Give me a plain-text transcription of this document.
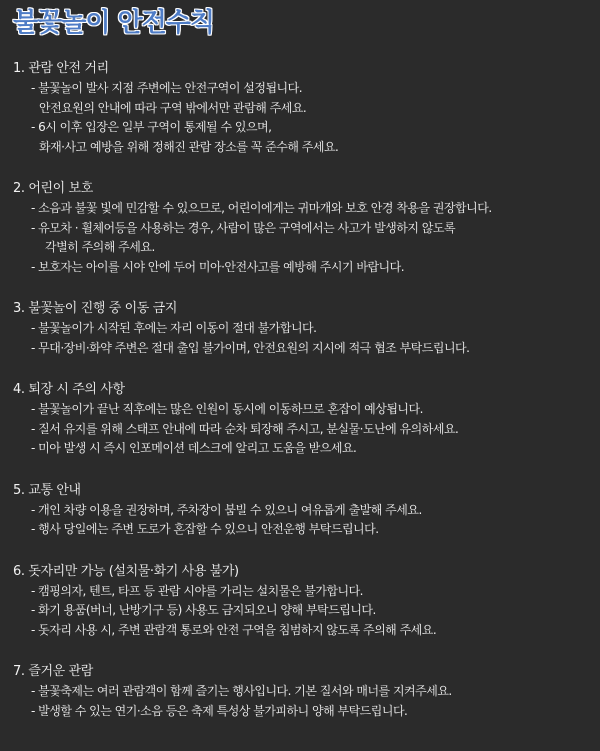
불꽃놀이 안전수칙
1. 관람 안전 거리
- 불꽃놀이 발사 지점 주변에는 안전구역이 설정됩니다.
안전요원의 안내에 따라 구역 밖에서만 관람해 주세요.
- 6시 이후 입장은 일부 구역이 통제될 수 있으며,
화재·사고 예방을 위해 정해진 관람 장소를 꼭 준수해 주세요.
2. 어린이 보호
- 소음과 불꽃 빛에 민감할 수 있으므로, 어린이에게는 귀마개와 보호 안경 착용을 권장합니다.
- 유모차 · 휠체어등을 사용하는 경우, 사람이 많은 구역에서는 사고가 발생하지 않도록
각별히 주의해 주세요.
- 보호자는 아이를 시야 안에 두어 미아·안전사고를 예방해 주시기 바랍니다.
3. 불꽃놀이 진행 중 이동 금지
- 불꽃놀이가 시작된 후에는 자리 이동이 절대 불가합니다.
- 무대·장비·화약 주변은 절대 출입 불가이며, 안전요원의 지시에 적극 협조 부탁드립니다.
4. 퇴장 시 주의 사항
- 불꽃놀이가 끝난 직후에는 많은 인원이 동시에 이동하므로 혼잡이 예상됩니다.
- 질서 유지를 위해 스태프 안내에 따라 순차 퇴장해 주시고, 분실물·도난에 유의하세요.
- 미아 발생 시 즉시 인포메이션 데스크에 알리고 도움을 받으세요.
5. 교통 안내
- 개인 차량 이용을 권장하며, 주차장이 붐빌 수 있으니 여유롭게 출발해 주세요.
- 행사 당일에는 주변 도로가 혼잡할 수 있으니 안전운행 부탁드립니다.
6. 돗자리만 가능 (설치물·화기 사용 불가)
- 캠핑의자, 텐트, 타프 등 관람 시야를 가리는 설치물은 불가합니다.
- 화기 용품(버너, 난방기구 등) 사용도 금지되오니 양해 부탁드립니다.
- 돗자리 사용 시, 주변 관람객 통로와 안전 구역을 침범하지 않도록 주의해 주세요.
7. 즐거운 관람
- 불꽃축제는 여러 관람객이 함께 즐기는 행사입니다. 기본 질서와 매너를 지켜주세요.
- 발생할 수 있는 연기·소음 등은 축제 특성상 불가피하니 양해 부탁드립니다.
